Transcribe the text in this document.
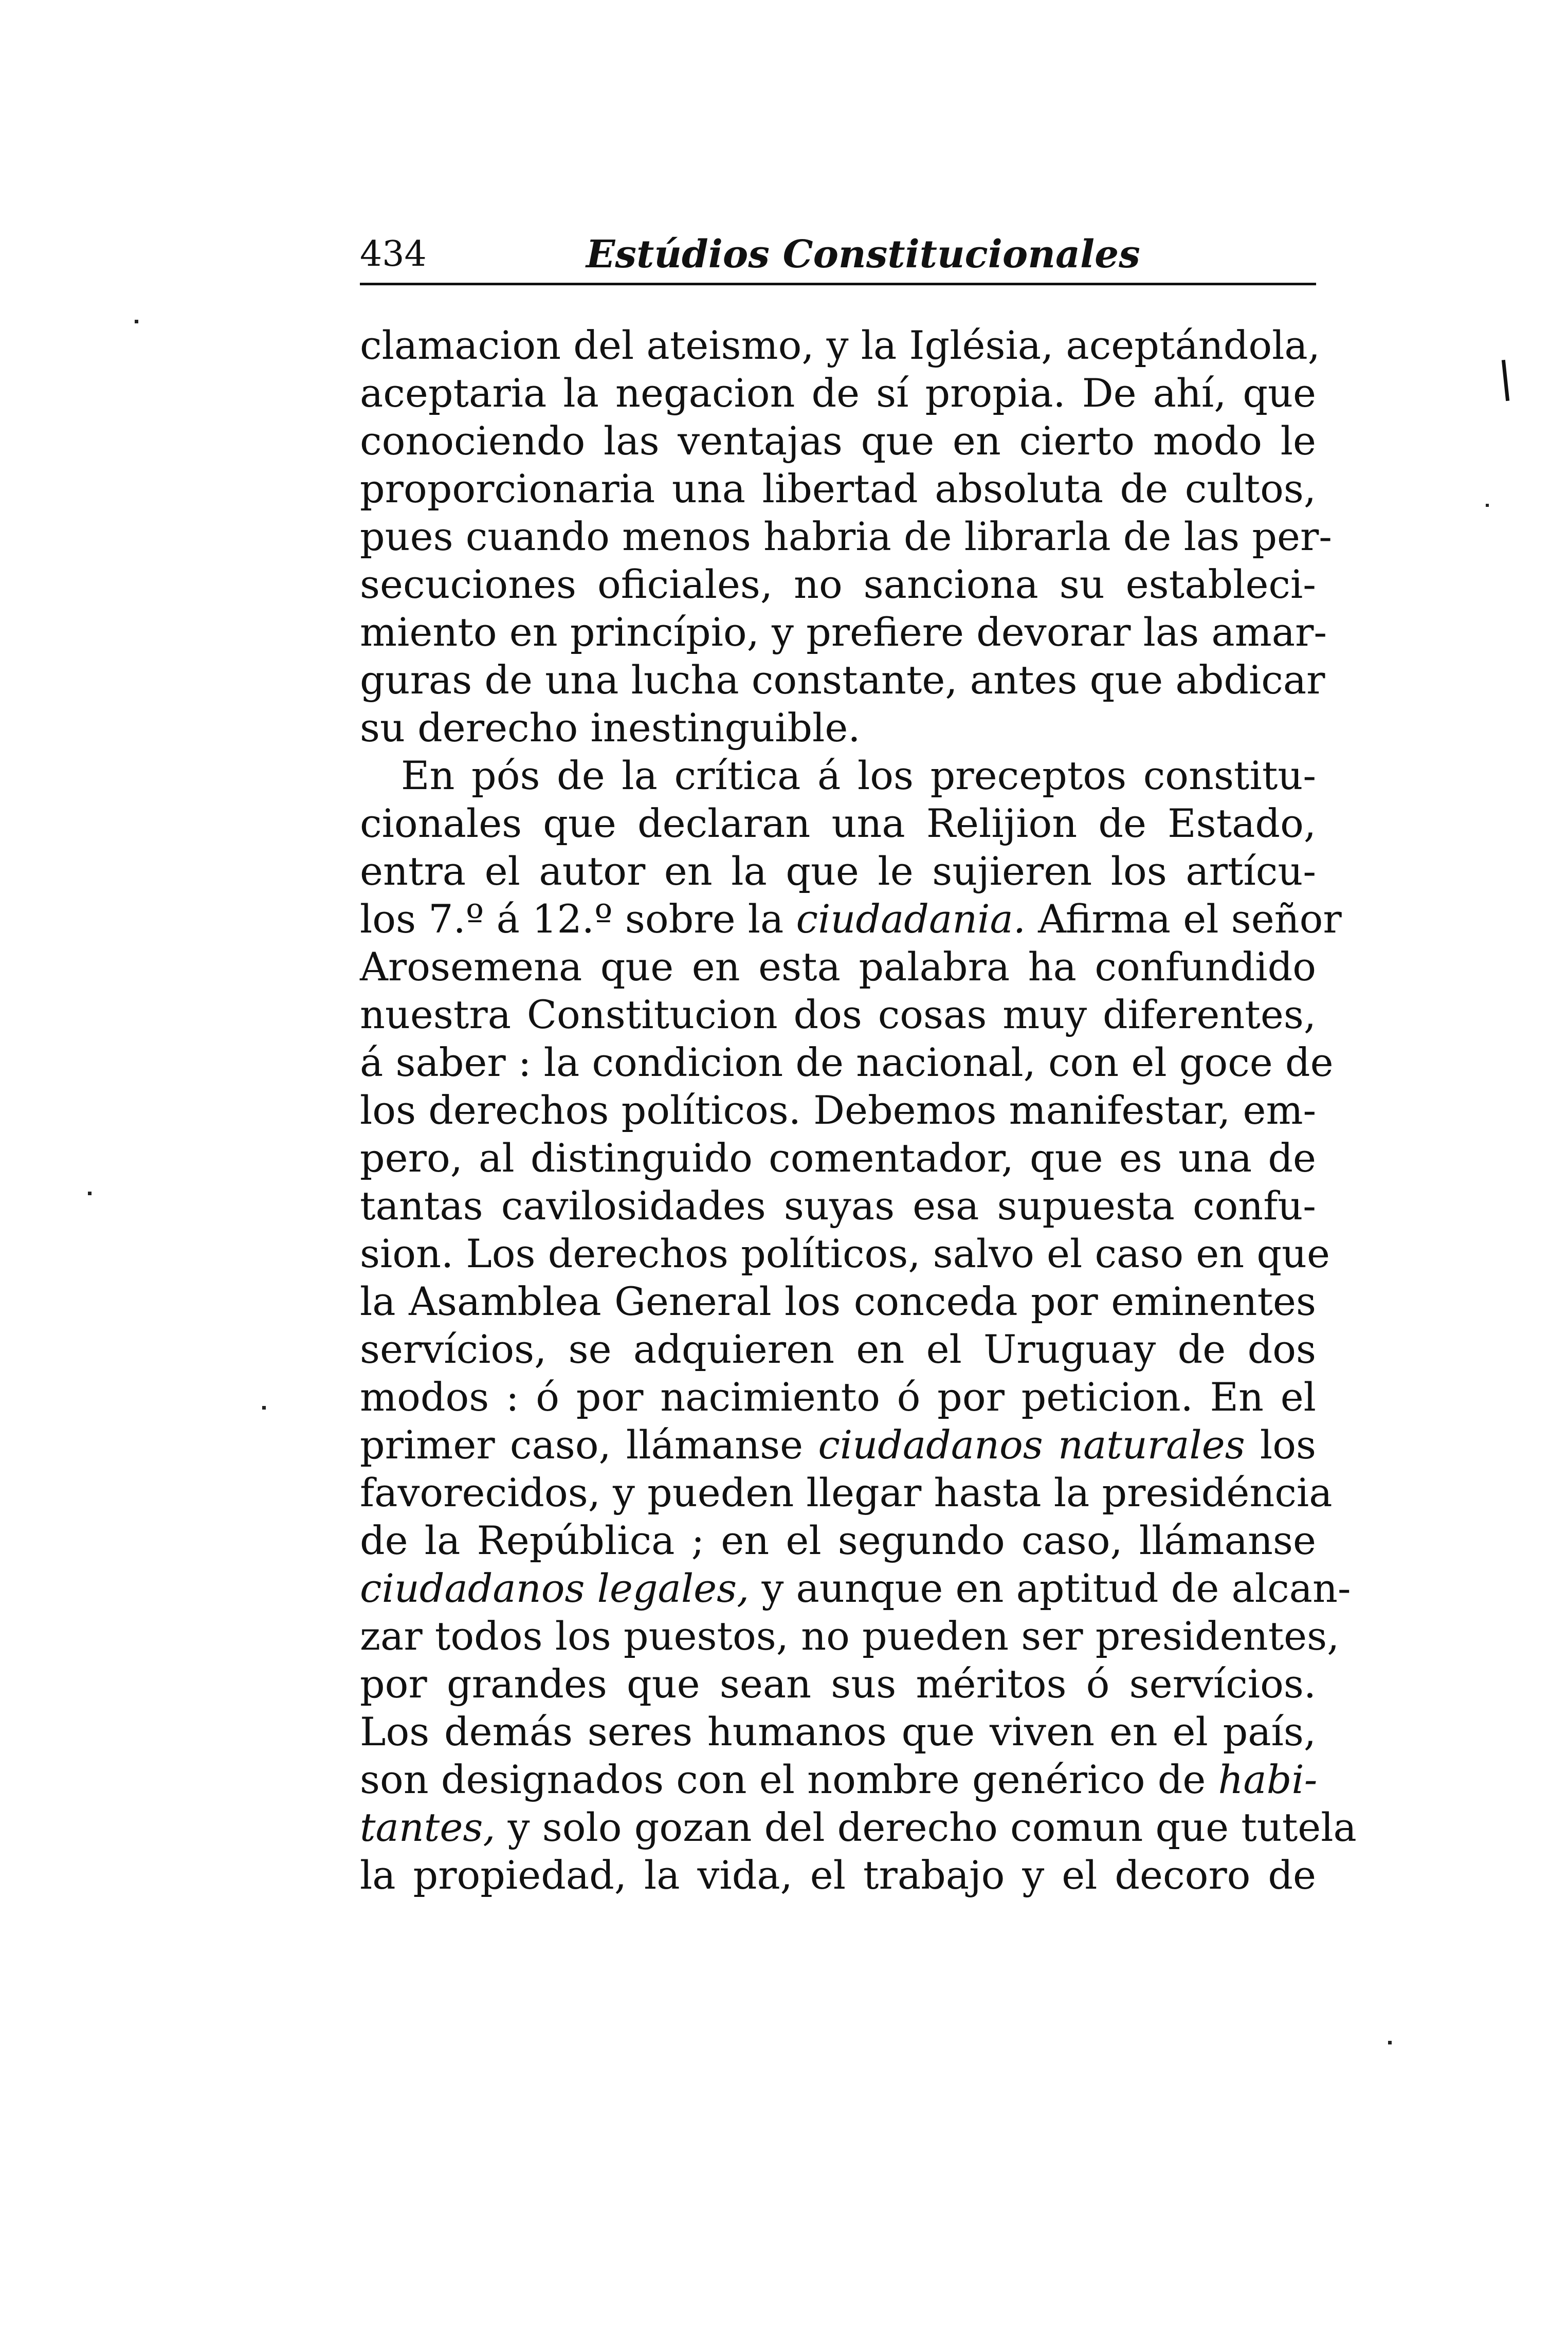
434	Estúdios Constitucionales
clamacion del ateismo, y la Iglésia, aceptándola,
aceptaria la negacion de sí propia. De ahí, que
conociendo las ventajas que en cierto modo le
proporcionaria una libertad absoluta de cultos,
pues cuando menos habria de librarla de las per-
secuciones oficiales, no sanciona su estableci-
miento en princípio, y prefiere devorar las amar-
guras de una lucha constante, antes que abdicar
su derecho inestinguible.
En pós de la crítica á los preceptos constitu-
cionales que declaran una Relijion de Estado,
entra el autor en la que le sujieren los artícu-
los 7.º á 12.º sobre la ciudadania. Afirma el señor
Arosemena que en esta palabra ha confundido
nuestra Constitucion dos cosas muy diferentes,
á saber : la condicion de nacional, con el goce de
los derechos políticos. Debemos manifestar, em-
pero, al distinguido comentador, que es una de
tantas cavilosidades suyas esa supuesta confu-
sion. Los derechos políticos, salvo el caso en que
la Asamblea General los conceda por eminentes
servícios, se adquieren en el Uruguay de dos
modos : ó por nacimiento ó por peticion. En el
primer caso, llámanse ciudadanos naturales los
favorecidos, y pueden llegar hasta la presidéncia
de la República ; en el segundo caso, llámanse
ciudadanos legales, y aunque en aptitud de alcan-
zar todos los puestos, no pueden ser presidentes,
por grandes que sean sus méritos ó servícios.
Los demás seres humanos que viven en el país,
son designados con el nombre genérico de habi-
tantes, y solo gozan del derecho comun que tutela
la propiedad, la vida, el trabajo y el decoro de
